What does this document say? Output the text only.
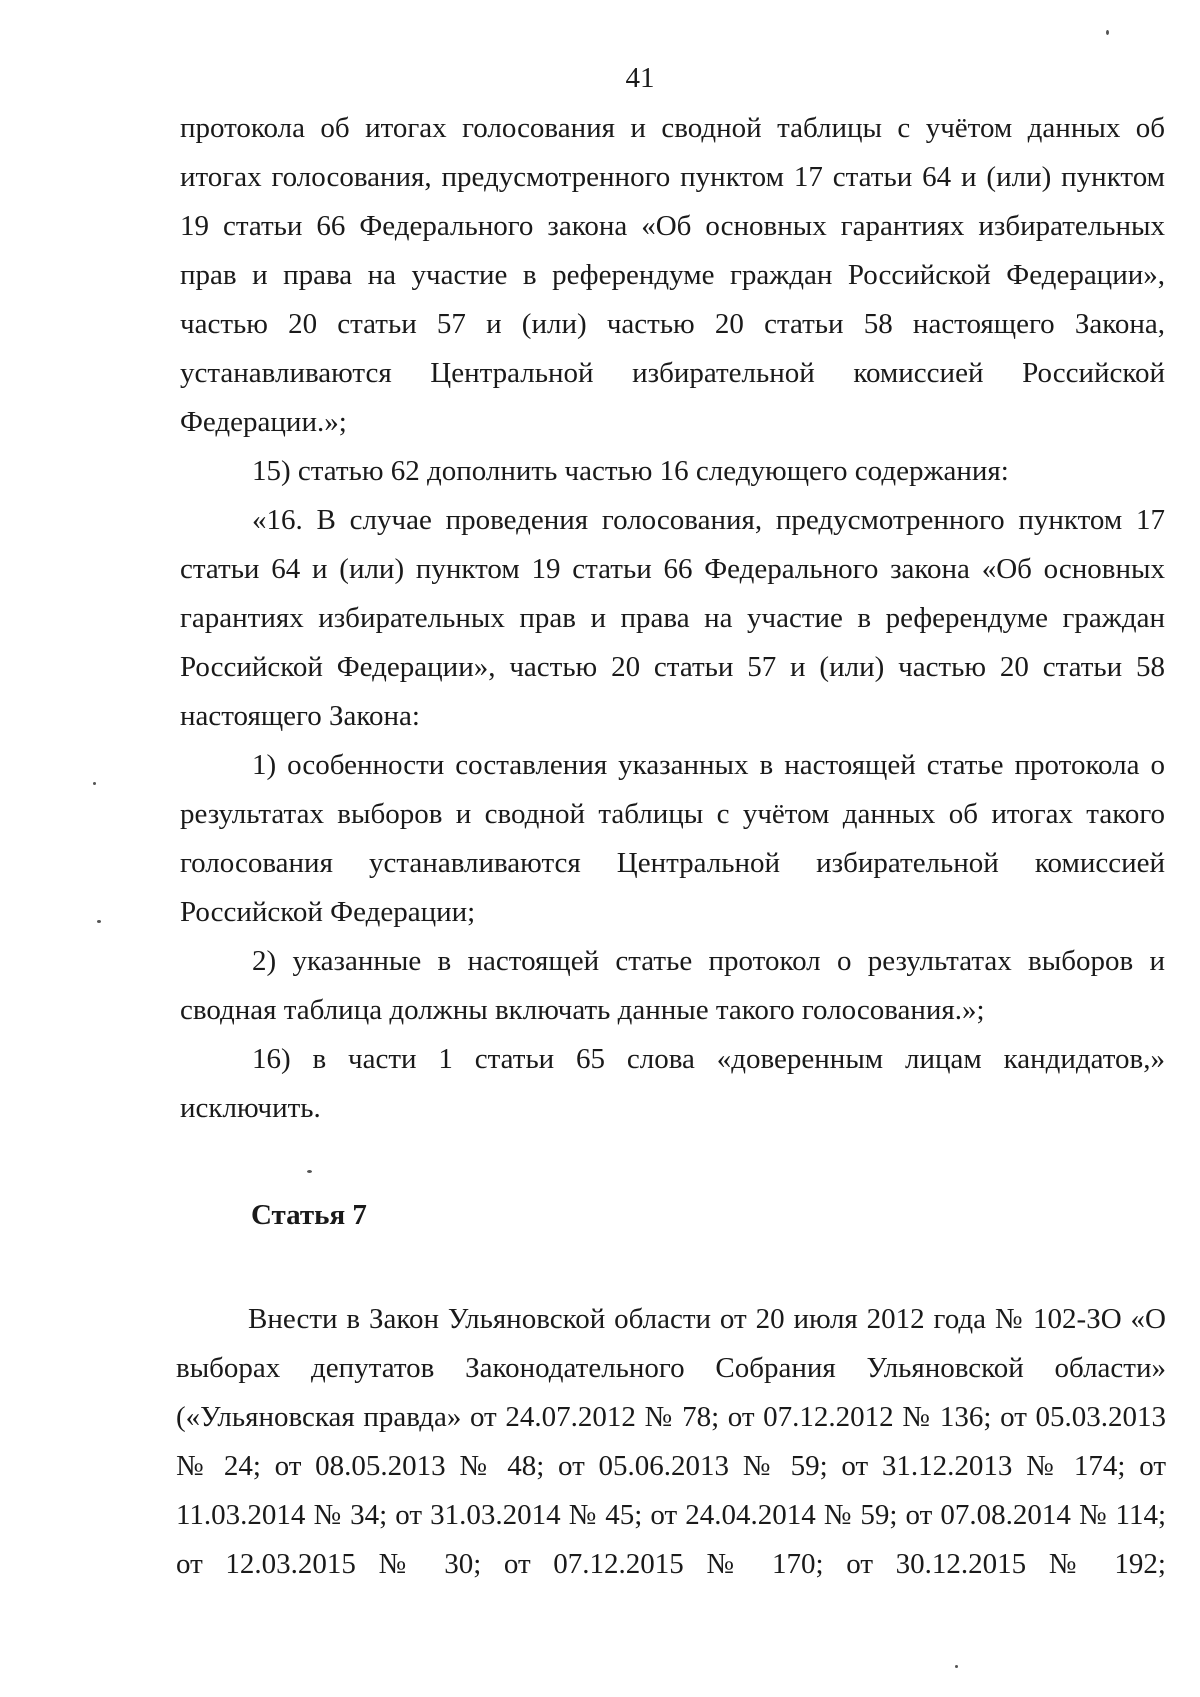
41

протокола об итогах голосования и сводной таблицы с учётом данных об итогах голосования, предусмотренного пунктом 17 статьи 64 и (или) пунктом 19 статьи 66 Федерального закона «Об основных гарантиях избирательных прав и права на участие в референдуме граждан Российской Федерации», частью 20 статьи 57 и (или) частью 20 статьи 58 настоящего Закона, устанавливаются Центральной избирательной комиссией Российской Федерации.»;

15) статью 62 дополнить частью 16 следующего содержания:

«16. В случае проведения голосования, предусмотренного пунктом 17 статьи 64 и (или) пунктом 19 статьи 66 Федерального закона «Об основных гарантиях избирательных прав и права на участие в референдуме граждан Российской Федерации», частью 20 статьи 57 и (или) частью 20 статьи 58 настоящего Закона:

1) особенности составления указанных в настоящей статье протокола о результатах выборов и сводной таблицы с учётом данных об итогах такого голосования устанавливаются Центральной избирательной комиссией Российской Федерации;

2) указанные в настоящей статье протокол о результатах выборов и сводная таблица должны включать данные такого голосования.»;

16) в части 1 статьи 65 слова «доверенным лицам кандидатов,» исключить.

Статья 7

Внести в Закон Ульяновской области от 20 июля 2012 года № 102-ЗО «О выборах депутатов Законодательного Собрания Ульяновской области» («Ульяновская правда» от 24.07.2012 № 78; от 07.12.2012 № 136; от 05.03.2013 № 24; от 08.05.2013 № 48; от 05.06.2013 № 59; от 31.12.2013 № 174; от 11.03.2014 № 34; от 31.03.2014 № 45; от 24.04.2014 № 59; от 07.08.2014 № 114; от 12.03.2015 № 30; от 07.12.2015 № 170; от 30.12.2015 № 192;
